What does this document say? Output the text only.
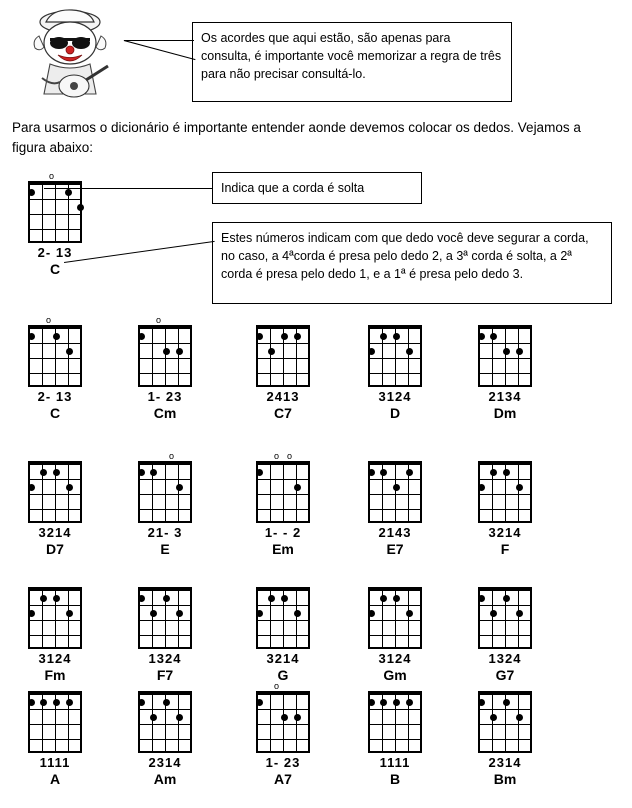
Os acordes que aqui estão, são apenas para consulta, é importante você memorizar a regra de três para não precisar consultá-lo.

Para usarmos o dicionário é importante entender aonde devemos colocar os dedos. Vejamos a figura abaixo:
o
2- 13
C

Indica que a corda é solta

Estes números indicam com que dedo você deve segurar a corda, no caso, a 4ªcorda é presa pelo dedo 2, a 3ª corda é solta, a 2ª corda é presa pelo dedo 1, e a 1ª é presa pelo dedo 3.

o
2- 13
C
o
1- 23
Cm
2413
C7
3124
D
2134
Dm
3214
D7
o
21- 3
E
o o
1- - 2
Em
2143
E7
3214
F
3124
Fm
1324
F7
3214
G
3124
Gm
1324
G7
1111
A
2314
Am
o
1- 23
A7
1111
B
2314
Bm
